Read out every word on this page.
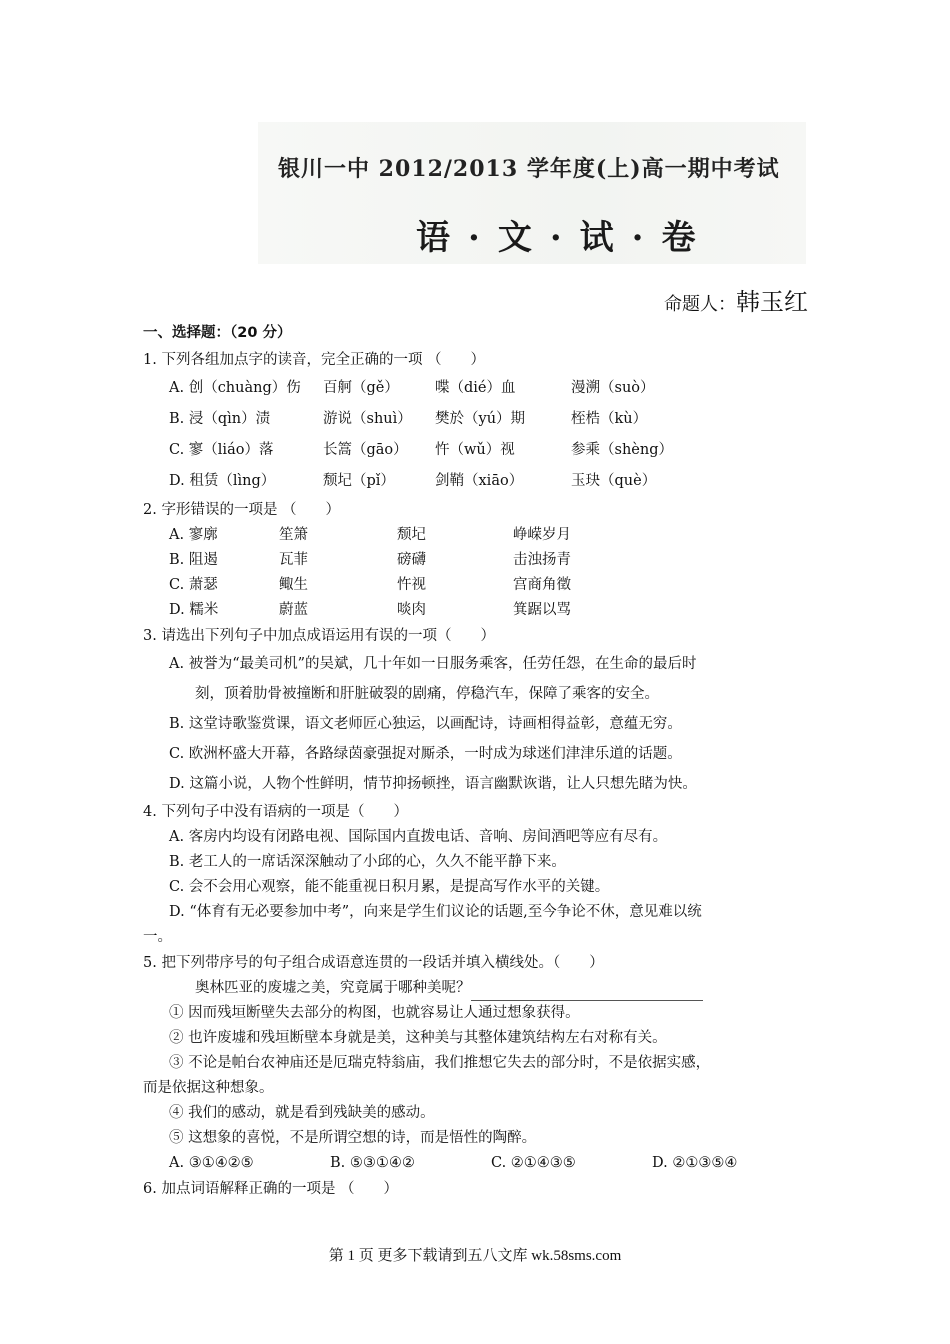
银川一中 2012/2013 学年度(上)高一期中考试
语·文·试·卷
命题人：韩玉红
一、选择题：（20 分）
1. 下列各组加点字的读音，完全正确的一项 （　　）
A. 创（chuàng）伤	百舸（gě）	喋（dié）血	漫溯（suò）
B. 浸（qìn）渍	游说（shuì）	樊於（yú）期	桎梏（kù）
C. 寥（liáo）落	长篙（gāo）	忤（wǔ）视	参乘（shèng）
D. 租赁（lìng）	颓圮（pǐ）	剑鞘（xiāo）	玉玦（què）
2. 字形错误的一项是 （　　）
A. 寥廓	笙箫	颓圮	峥嵘岁月
B. 阻遏	瓦菲	磅礴	击浊扬青
C. 萧瑟	鲰生	忤视	宫商角徵
D. 糯米	蔚蓝	啖肉	箕踞以骂
3. 请选出下列句子中加点成语运用有误的一项（　　）
A. 被誉为“最美司机”的吴斌，几十年如一日服务乘客，任劳任怨，在生命的最后时
刻，顶着肋骨被撞断和肝脏破裂的剧痛，停稳汽车，保障了乘客的安全。
B. 这堂诗歌鉴赏课，语文老师匠心独运，以画配诗，诗画相得益彰，意蕴无穷。
C. 欧洲杯盛大开幕，各路绿茵豪强捉对厮杀，一时成为球迷们津津乐道的话题。
D. 这篇小说，人物个性鲜明，情节抑扬顿挫，语言幽默诙谐，让人只想先睹为快。
4. 下列句子中没有语病的一项是（　　）
A. 客房内均设有闭路电视、国际国内直拨电话、音响、房间酒吧等应有尽有。
B. 老工人的一席话深深触动了小邱的心，久久不能平静下来。
C. 会不会用心观察，能不能重视日积月累，是提高写作水平的关键。
D. “体育有无必要参加中考”，向来是学生们议论的话题,至今争论不休，意见难以统
一。
5. 把下列带序号的句子组合成语意连贯的一段话并填入横线处。（　　）
奥林匹亚的废墟之美，究竟属于哪种美呢？
① 因而残垣断壁失去部分的构图，也就容易让人通过想象获得。
② 也许废墟和残垣断壁本身就是美，这种美与其整体建筑结构左右对称有关。
③ 不论是帕台农神庙还是厄瑞克特翁庙，我们推想它失去的部分时，不是依据实感，
而是依据这种想象。
④ 我们的感动，就是看到残缺美的感动。
⑤ 这想象的喜悦，不是所谓空想的诗，而是悟性的陶醉。
A. ③①④②⑤	B. ⑤③①④②	C. ②①④③⑤	D. ②①③⑤④
6. 加点词语解释正确的一项是 （　　）
第 1 页 更多下载请到五八文库 wk.58sms.com
